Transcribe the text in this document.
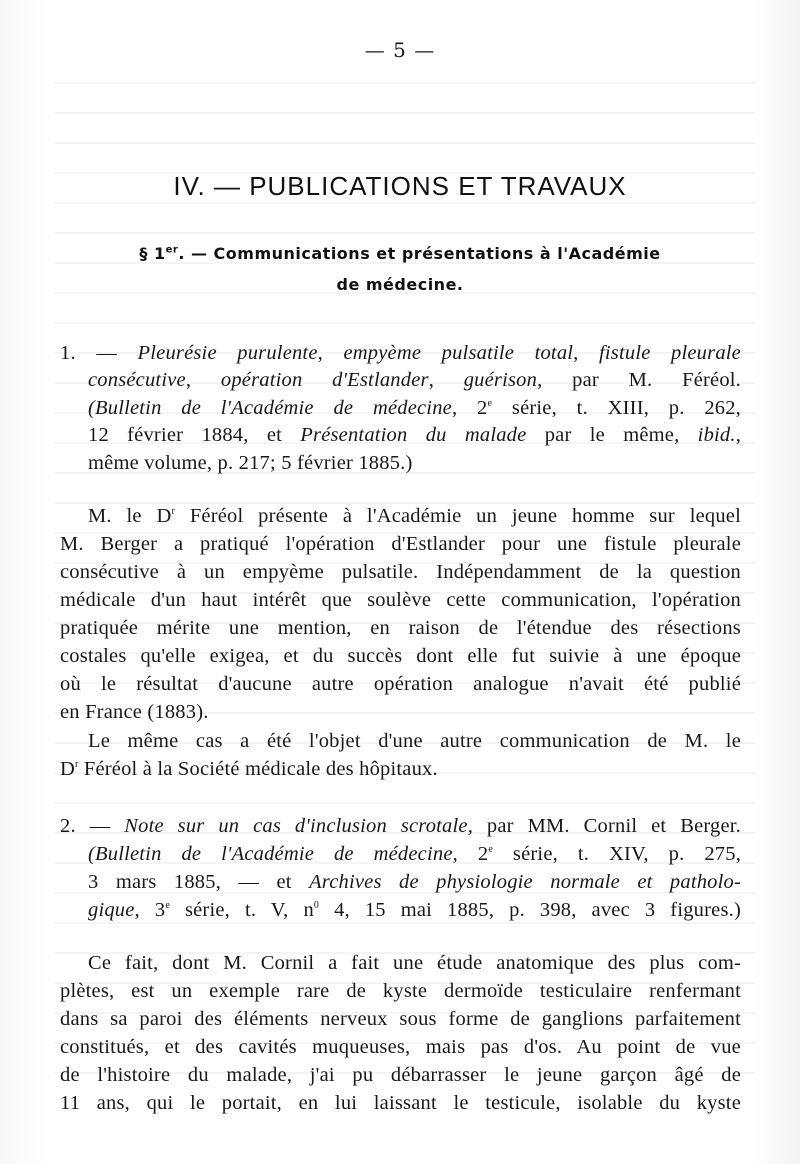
— 5 —
IV. — PUBLICATIONS ET TRAVAUX
§ 1er. — Communications et présentations à l'Académie
de médecine.
1. — Pleurésie purulente, empyème pulsatile total, fistule pleurale
consécutive, opération d'Estlander, guérison, par M. Féréol.
(Bulletin de l'Académie de médecine, 2e série, t. XIII, p. 262,
12 février 1884, et Présentation du malade par le même, ibid.,
même volume, p. 217; 5 février 1885.)
M. le $D^r$ Féréol présente à l'Académie un jeune homme sur lequel
M. Berger a pratiqué l'opération d'Estlander pour une fistule pleurale
consécutive à un empyème pulsatile. Indépendamment de la question
médicale d'un haut intérêt que soulève cette communication, l'opération
pratiquée mérite une mention, en raison de l'étendue des résections
costales qu'elle exigea, et du succès dont elle fut suivie à une époque
où le résultat d'aucune autre opération analogue n'avait été publié
en France (1883).
Le même cas a été l'objet d'une autre communication de M. le
$D^r$ Féréol à la Société médicale des hôpitaux.
2. — Note sur un cas d'inclusion scrotale, par MM. Cornil et Berger.
(Bulletin de l'Académie de médecine, 2e série, t. XIV, p. 275,
3 mars 1885, — et Archives de physiologie normale et patholo-
gique, 3e série, t. V, $n^0$ 4, 15 mai 1885, p. 398, avec 3 figures.)
Ce fait, dont M. Cornil a fait une étude anatomique des plus com-
plètes, est un exemple rare de kyste dermoïde testiculaire renfermant
dans sa paroi des éléments nerveux sous forme de ganglions parfaitement
constitués, et des cavités muqueuses, mais pas d'os. Au point de vue
de l'histoire du malade, j'ai pu débarrasser le jeune garçon âgé de
11 ans, qui le portait, en lui laissant le testicule, isolable du kyste
